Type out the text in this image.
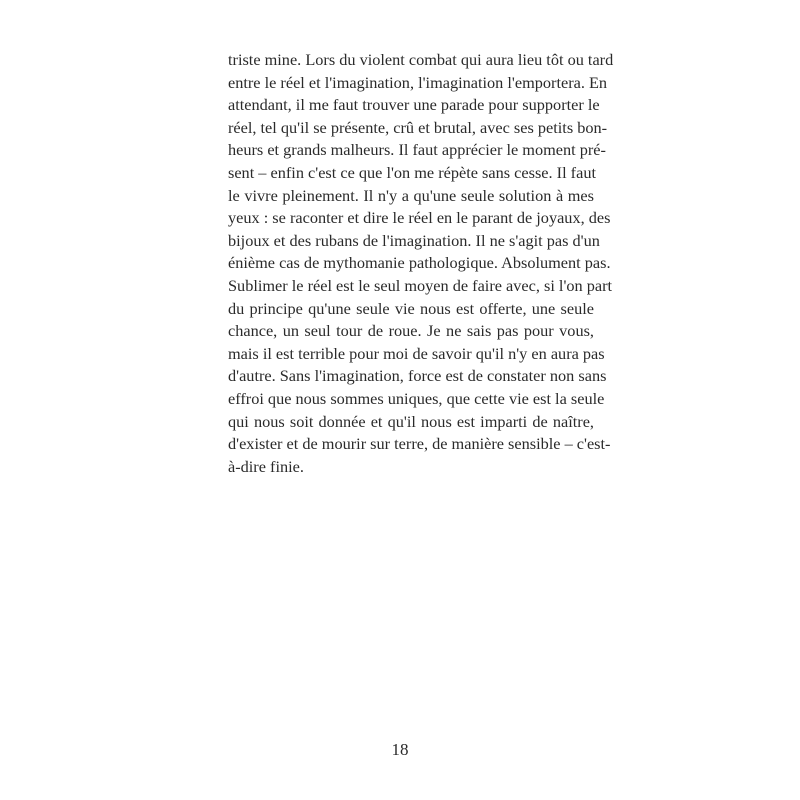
triste mine. Lors du violent combat qui aura lieu tôt ou tard
entre le réel et l'imagination, l'imagination l'emportera. En
attendant, il me faut trouver une parade pour supporter le
réel, tel qu'il se présente, crû et brutal, avec ses petits bon-
heurs et grands malheurs. Il faut apprécier le moment pré-
sent – enfin c'est ce que l'on me répète sans cesse. Il faut
le vivre pleinement. Il n'y a qu'une seule solution à mes
yeux : se raconter et dire le réel en le parant de joyaux, des
bijoux et des rubans de l'imagination. Il ne s'agit pas d'un
énième cas de mythomanie pathologique. Absolument pas.
Sublimer le réel est le seul moyen de faire avec, si l'on part
du principe qu'une seule vie nous est offerte, une seule
chance, un seul tour de roue. Je ne sais pas pour vous,
mais il est terrible pour moi de savoir qu'il n'y en aura pas
d'autre. Sans l'imagination, force est de constater non sans
effroi que nous sommes uniques, que cette vie est la seule
qui nous soit donnée et qu'il nous est imparti de naître,
d'exister et de mourir sur terre, de manière sensible – c'est-
à-dire finie.
18
